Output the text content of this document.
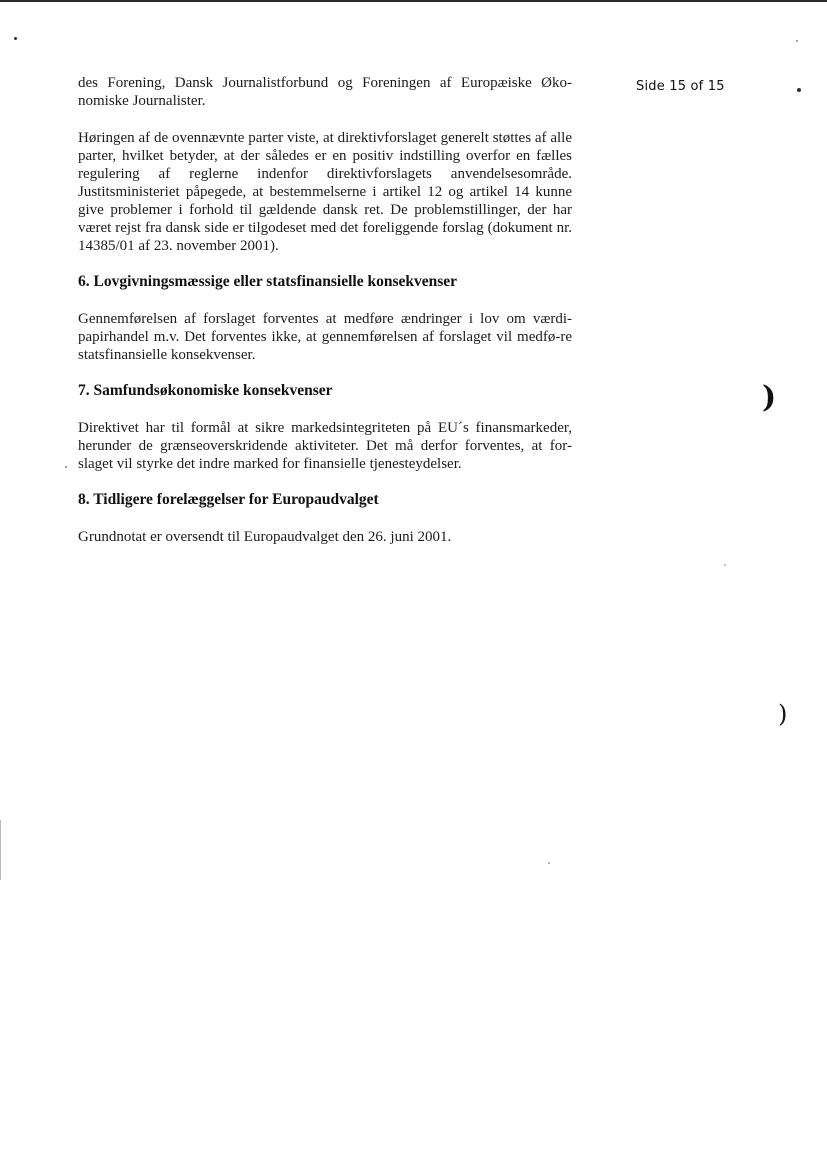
Side 15 of 15

des Forening, Dansk Journalistforbund og Foreningen af Europæiske Øko-nomiske Journalister.

Høringen af de ovennævnte parter viste, at direktivforslaget generelt støttes af alle parter, hvilket betyder, at der således er en positiv indstilling overfor en fælles regulering af reglerne indenfor direktivforslagets anvendelsesområde. Justitsministeriet påpegede, at bestemmelserne i artikel 12 og artikel 14 kunne give problemer i forhold til gældende dansk ret. De problemstillinger, der har været rejst fra dansk side er tilgodeset med det foreliggende forslag (dokument nr. 14385/01 af 23. november 2001).

6. Lovgivningsmæssige eller statsfinansielle konsekvenser

Gennemførelsen af forslaget forventes at medføre ændringer i lov om værdi-papirhandel m.v. Det forventes ikke, at gennemførelsen af forslaget vil medfø-re statsfinansielle konsekvenser.

7. Samfundsøkonomiske konsekvenser

Direktivet har til formål at sikre markedsintegriteten på EU´s finansmarkeder, herunder de grænseoverskridende aktiviteter. Det må derfor forventes, at for-slaget vil styrke det indre marked for finansielle tjenesteydelser.

8. Tidligere forelæggelser for Europaudvalget

Grundnotat er oversendt til Europaudvalget den 26. juni 2001.

)
)
